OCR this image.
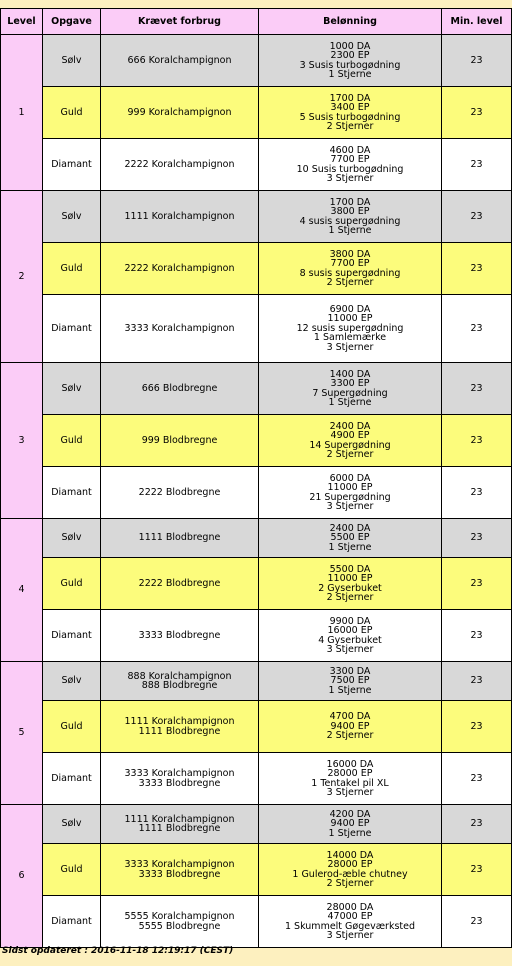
Level	Opgave	Krævet forbrug	Belønning	Min. level
1	Sølv	666 Koralchampignon	1000 DA
2300 EP
3 Susis turbogødning
1 Stjerne	23
	Guld	999 Koralchampignon	1700 DA
3400 EP
5 Susis turbogødning
2 Stjerner	23
	Diamant	2222 Koralchampignon	4600 DA
7700 EP
10 Susis turbogødning
3 Stjerner	23
2	Sølv	1111 Koralchampignon	1700 DA
3800 EP
4 susis supergødning
1 Stjerne	23
	Guld	2222 Koralchampignon	3800 DA
7700 EP
8 susis supergødning
2 Stjerner	23
	Diamant	3333 Koralchampignon	6900 DA
11000 EP
12 susis supergødning
1 Samlemærke
3 Stjerner	23
3	Sølv	666 Blodbregne	1400 DA
3300 EP
7 Supergødning
1 Stjerne	23
	Guld	999 Blodbregne	2400 DA
4900 EP
14 Supergødning
2 Stjerner	23
	Diamant	2222 Blodbregne	6000 DA
11000 EP
21 Supergødning
3 Stjerner	23
4	Sølv	1111 Blodbregne	2400 DA
5500 EP
1 Stjerne	23
	Guld	2222 Blodbregne	5500 DA
11000 EP
2 Gyserbuket
2 Stjerner	23
	Diamant	3333 Blodbregne	9900 DA
16000 EP
4 Gyserbuket
3 Stjerner	23
5	Sølv	888 Koralchampignon
888 Blodbregne	3300 DA
7500 EP
1 Stjerne	23
	Guld	1111 Koralchampignon
1111 Blodbregne	4700 DA
9400 EP
2 Stjerner	23
	Diamant	3333 Koralchampignon
3333 Blodbregne	16000 DA
28000 EP
1 Tentakel pil XL
3 Stjerner	23
6	Sølv	1111 Koralchampignon
1111 Blodbregne	4200 DA
9400 EP
1 Stjerne	23
	Guld	3333 Koralchampignon
3333 Blodbregne	14000 DA
28000 EP
1 Gulerod-æble chutney
2 Stjerner	23
	Diamant	5555 Koralchampignon
5555 Blodbregne	28000 DA
47000 EP
1 Skummelt Gøgeværksted
3 Stjerner	23
Sidst opdateret : 2016-11-18 12:19:17 (CEST)
